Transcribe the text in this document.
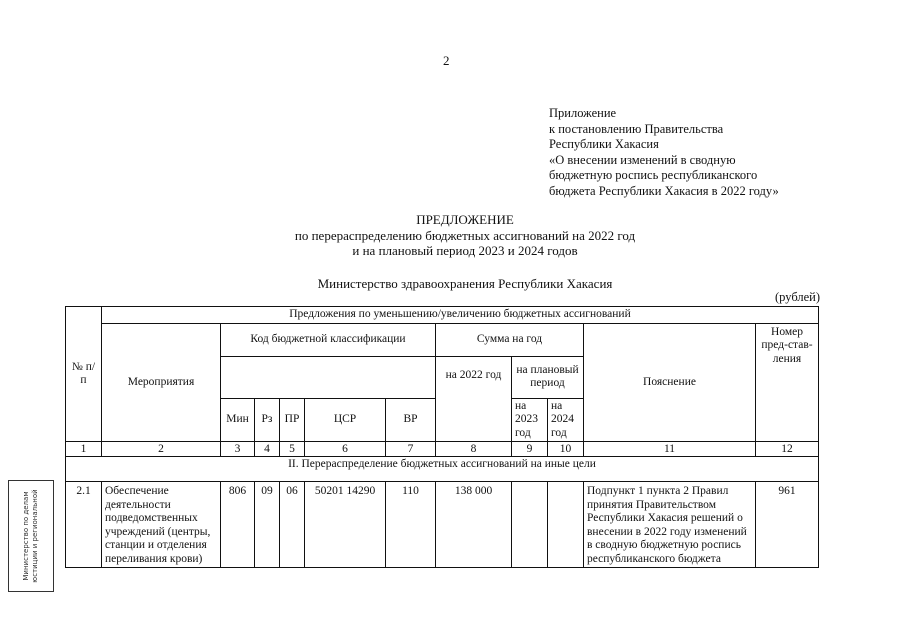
2
Приложение
к постановлению Правительства
Республики Хакасия
«О внесении изменений в сводную
бюджетную роспись республиканского
бюджета Республики Хакасия в 2022 году»
ПРЕДЛОЖЕНИЕ
по перераспределению бюджетных ассигнований на 2022 год
и на плановый период 2023 и 2024 годов
Министерство здравоохранения Республики Хакасия
(рублей)
№ п/п	Предложения по уменьшению/увеличению бюджетных ассигнований										
	Мероприятия	Код бюджетной классификации					Сумма на год			Пояснение	Номер пред-став-ления
							на 2022 год	на плановый период			
		Мин	Рз	ПР	ЦСР	ВР		на 2023 год	на 2024 год		
1	2	3	4	5	6	7	8	9	10	11	12
II. Перераспределение бюджетных ассигнований на иные цели											
2.1	Обеспечение деятельности подведомственных учреждений (центры, станции и отделения переливания крови)	806	09	06	50201 14290	110	138 000			Подпункт 1 пункта 2 Правил принятия Правительством Республики Хакасия решений о внесении в 2022 году изменений в сводную бюджетную роспись республиканского бюджета	961
Министерство по делам юстиции и региональной
